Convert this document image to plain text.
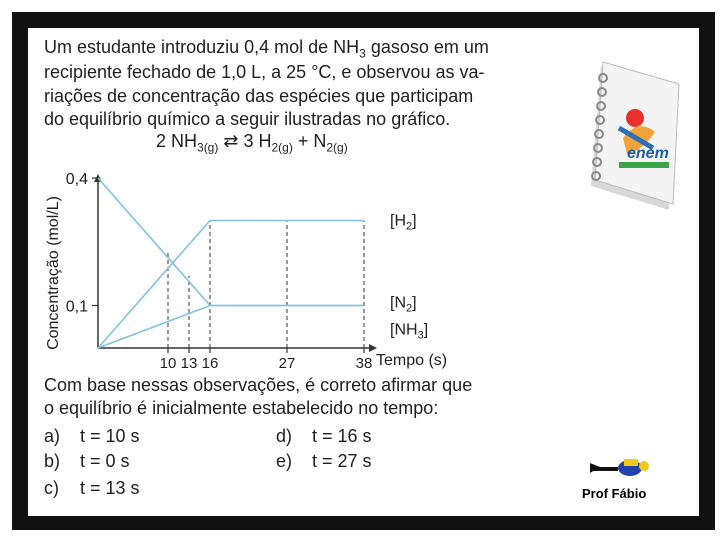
Um estudante introduziu 0,4 mol de $NH_3$ gasoso em um
recipiente fechado de 1,0 L, a 25 °C, e observou as va-
riações de concentração das espécies que participam
do equilíbrio químico a seguir ilustradas no gráfico.
2 $NH_{3(g)}$ ⇄ 3 $H_{2(g)} + N_{2(g)}$
Concentração (mol/L)
0,4
0,1
10 13 16	27	38 Tempo (s)
$[H_2]$
$[N_2]$
$[NH_3]$
Com base nessas observações, é correto afirmar que
o equilíbrio é inicialmente estabelecido no tempo:
a) t = 10 s
b) t = 0 s
c) t = 13 s
d) t = 16 s
e) t = 27 s
enem
Prof Fábio
